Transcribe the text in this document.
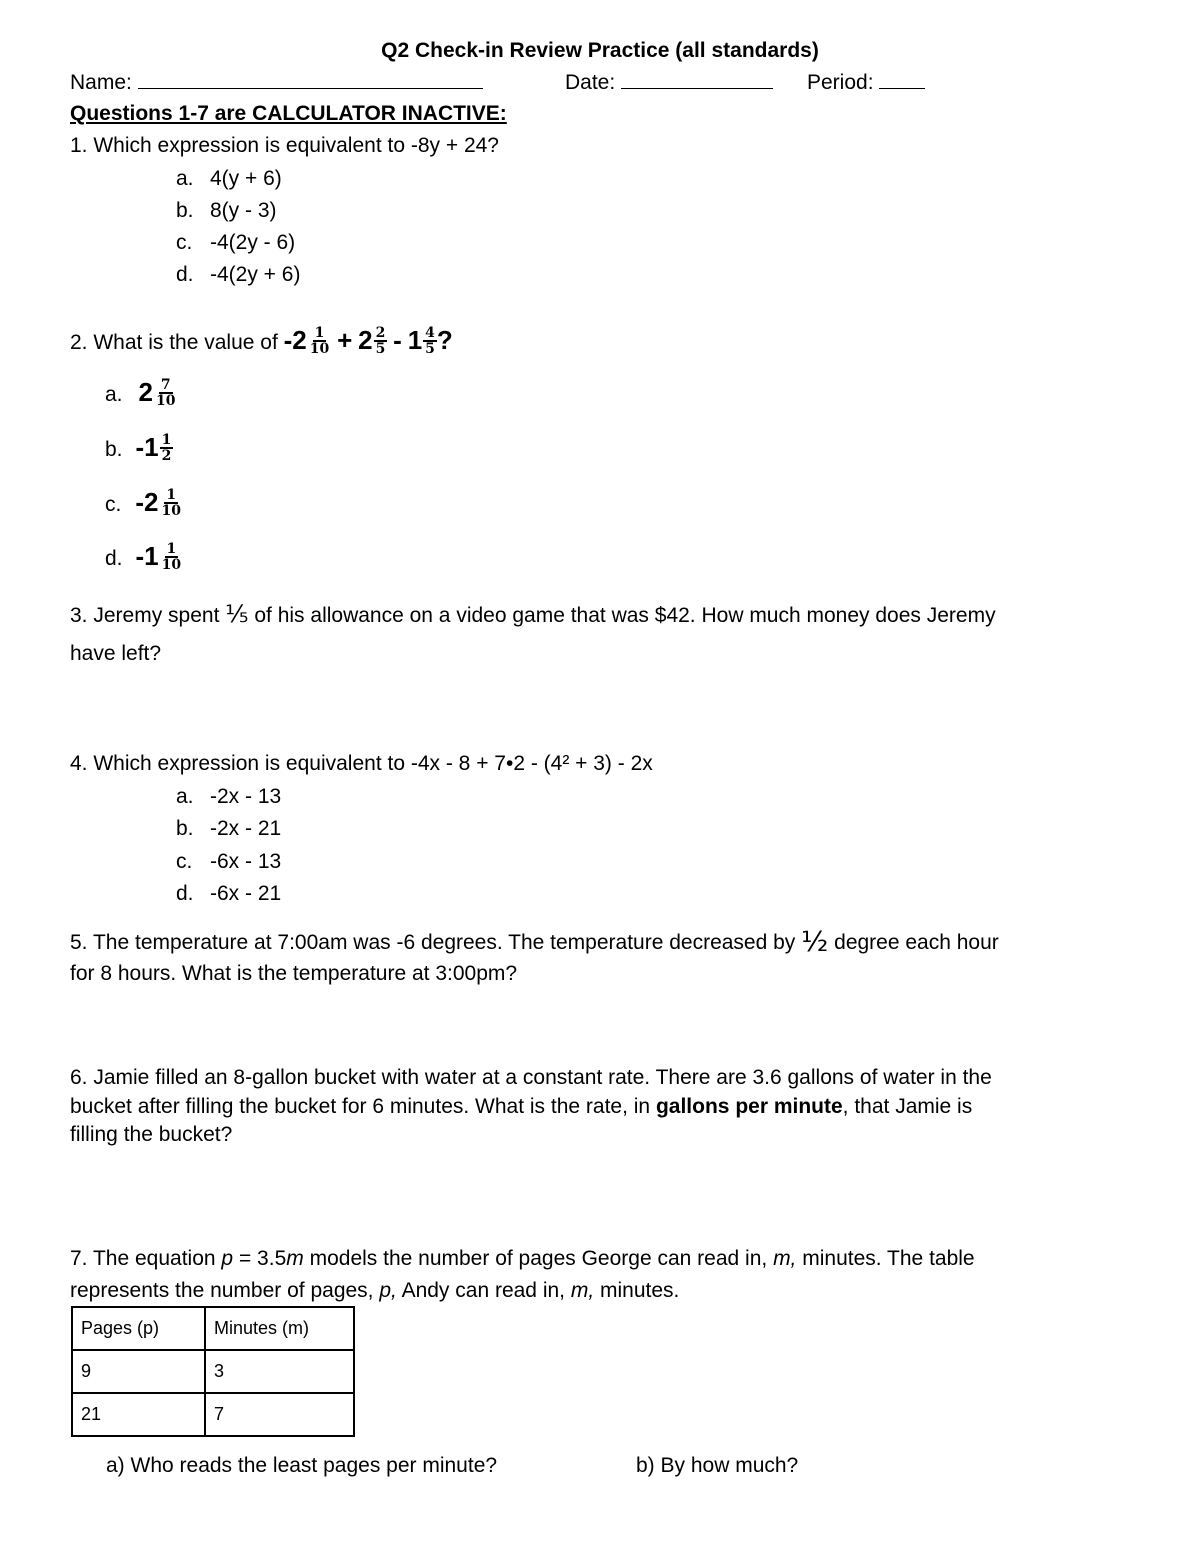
Q2 Check-in Review Practice (all standards)
Name:	Date:	Period:
Questions 1-7 are CALCULATOR INACTIVE:
1. Which expression is equivalent to -8y + 24?
a. 4(y + 6)
b. 8(y - 3)
c. -4(2y - 6)
d. -4(2y + 6)
2. What is the value of $-2 \frac{1}{10} + 2 \frac{2}{5} - 1 \frac{4}{5}$ ?
a. $2 \frac{7}{10}$
b. $-1 \frac{1}{2}$
c. $-2 \frac{1}{10}$
d. $-1 \frac{1}{10}$
3. Jeremy spent ⅕ of his allowance on a video game that was $42. How much money does Jeremy
have left?
4. Which expression is equivalent to -4x - 8 + 7•2 - (4² + 3) - 2x
a. -2x - 13
b. -2x - 21
c. -6x - 13
d. -6x - 21
5. The temperature at 7:00am was -6 degrees. The temperature decreased by ½ degree each hour
for 8 hours. What is the temperature at 3:00pm?
6. Jamie filled an 8-gallon bucket with water at a constant rate. There are 3.6 gallons of water in the
bucket after filling the bucket for 6 minutes. What is the rate, in gallons per minute, that Jamie is
filling the bucket?
7. The equation p = 3.5m models the number of pages George can read in, m, minutes. The table
represents the number of pages, p, Andy can read in, m, minutes.
Pages (p)	Minutes (m)
9	3
21	7
a) Who reads the least pages per minute?	b) By how much?
